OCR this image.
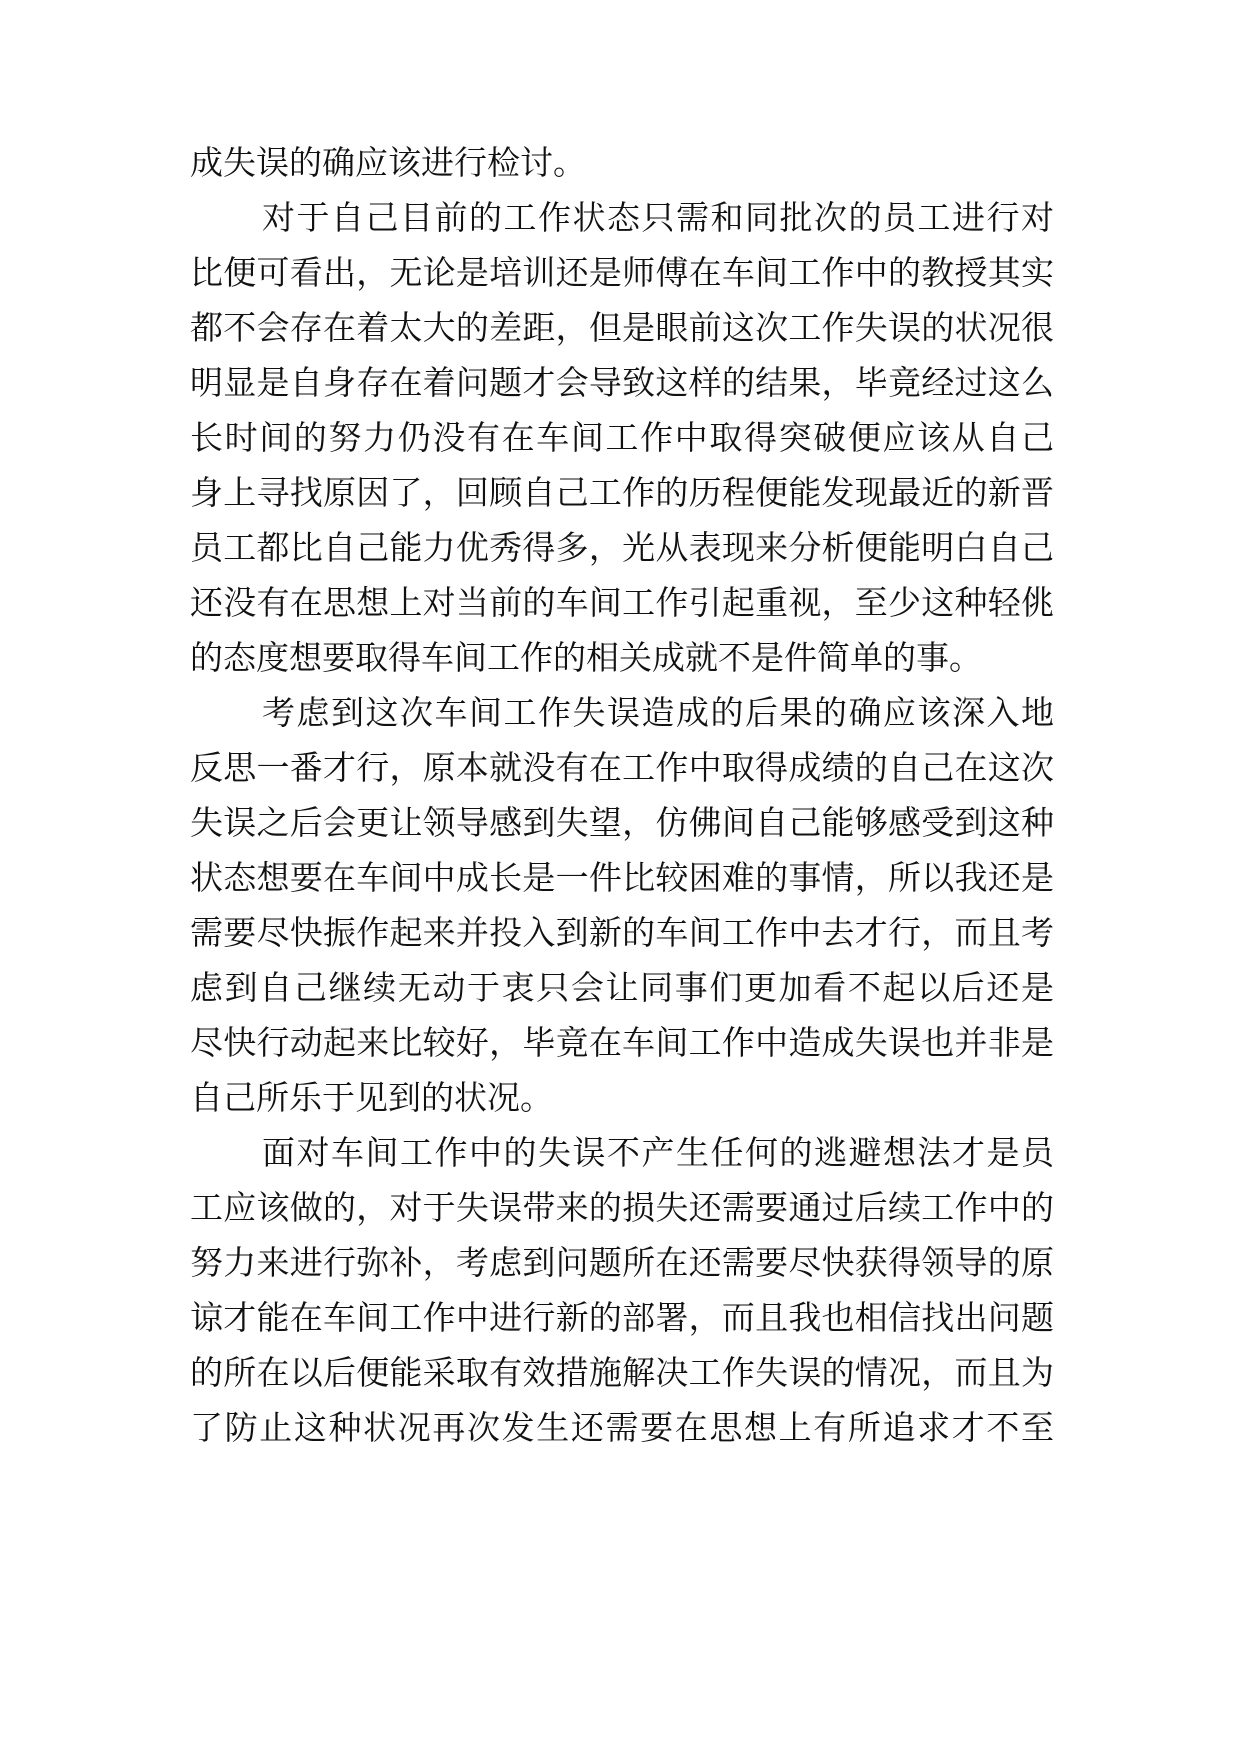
成失误的确应该进行检讨。
对于自己目前的工作状态只需和同批次的员工进行对
比便可看出，无论是培训还是师傅在车间工作中的教授其实
都不会存在着太大的差距，但是眼前这次工作失误的状况很
明显是自身存在着问题才会导致这样的结果，毕竟经过这么
长时间的努力仍没有在车间工作中取得突破便应该从自己
身上寻找原因了，回顾自己工作的历程便能发现最近的新晋
员工都比自己能力优秀得多，光从表现来分析便能明白自己
还没有在思想上对当前的车间工作引起重视，至少这种轻佻
的态度想要取得车间工作的相关成就不是件简单的事。
考虑到这次车间工作失误造成的后果的确应该深入地
反思一番才行，原本就没有在工作中取得成绩的自己在这次
失误之后会更让领导感到失望，仿佛间自己能够感受到这种
状态想要在车间中成长是一件比较困难的事情，所以我还是
需要尽快振作起来并投入到新的车间工作中去才行，而且考
虑到自己继续无动于衷只会让同事们更加看不起以后还是
尽快行动起来比较好，毕竟在车间工作中造成失误也并非是
自己所乐于见到的状况。
面对车间工作中的失误不产生任何的逃避想法才是员
工应该做的，对于失误带来的损失还需要通过后续工作中的
努力来进行弥补，考虑到问题所在还需要尽快获得领导的原
谅才能在车间工作中进行新的部署，而且我也相信找出问题
的所在以后便能采取有效措施解决工作失误的情况，而且为
了防止这种状况再次发生还需要在思想上有所追求才不至
